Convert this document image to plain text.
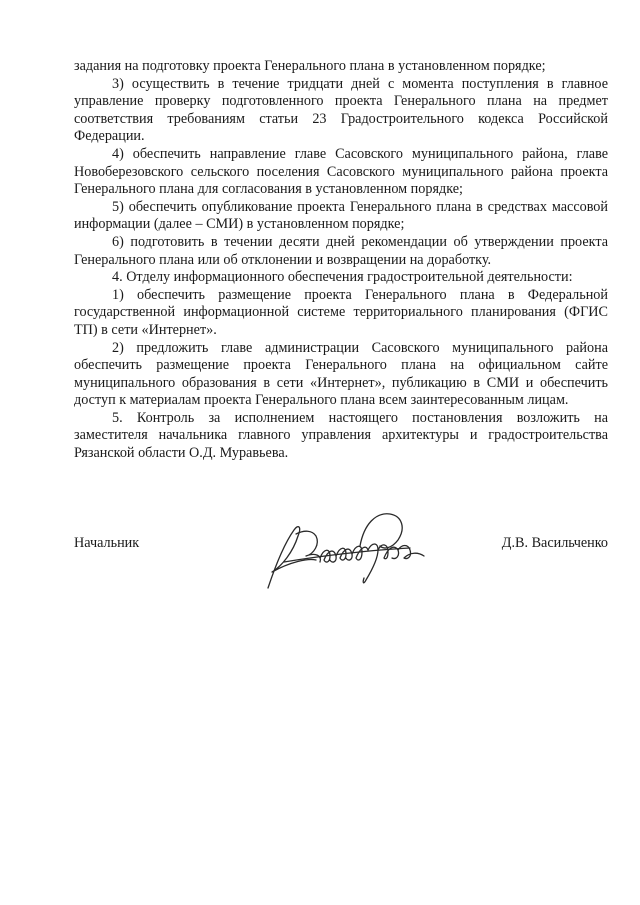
задания на подготовку проекта Генерального плана в установленном порядке;

3) осуществить в течение тридцати дней с момента поступления в главное управление проверку подготовленного проекта Генерального плана на предмет соответствия требованиям статьи 23 Градостроительного кодекса Российской Федерации.

4) обеспечить направление главе Сасовского муниципального района, главе Новоберезовского сельского поселения Сасовского муниципального района проекта Генерального плана для согласования в установленном порядке;

5) обеспечить опубликование проекта Генерального плана в средствах массовой информации (далее – СМИ) в установленном порядке;

6) подготовить в течении десяти дней рекомендации об утверждении проекта Генерального плана или об отклонении и возвращении на доработку.

4. Отделу информационного обеспечения градостроительной деятельности:

1) обеспечить размещение проекта Генерального плана в Федеральной государственной информационной системе территориального планирования (ФГИС ТП) в сети «Интернет».

2) предложить главе администрации Сасовского муниципального района обеспечить размещение проекта Генерального плана на официальном сайте муниципального образования в сети «Интернет», публикацию в СМИ и обеспечить доступ к материалам проекта Генерального плана всем заинтересованным лицам.

5. Контроль за исполнением настоящего постановления возложить на заместителя начальника главного управления архитектуры и градостроительства Рязанской области О.Д. Муравьева.

Начальник	Д.В. Васильченко
